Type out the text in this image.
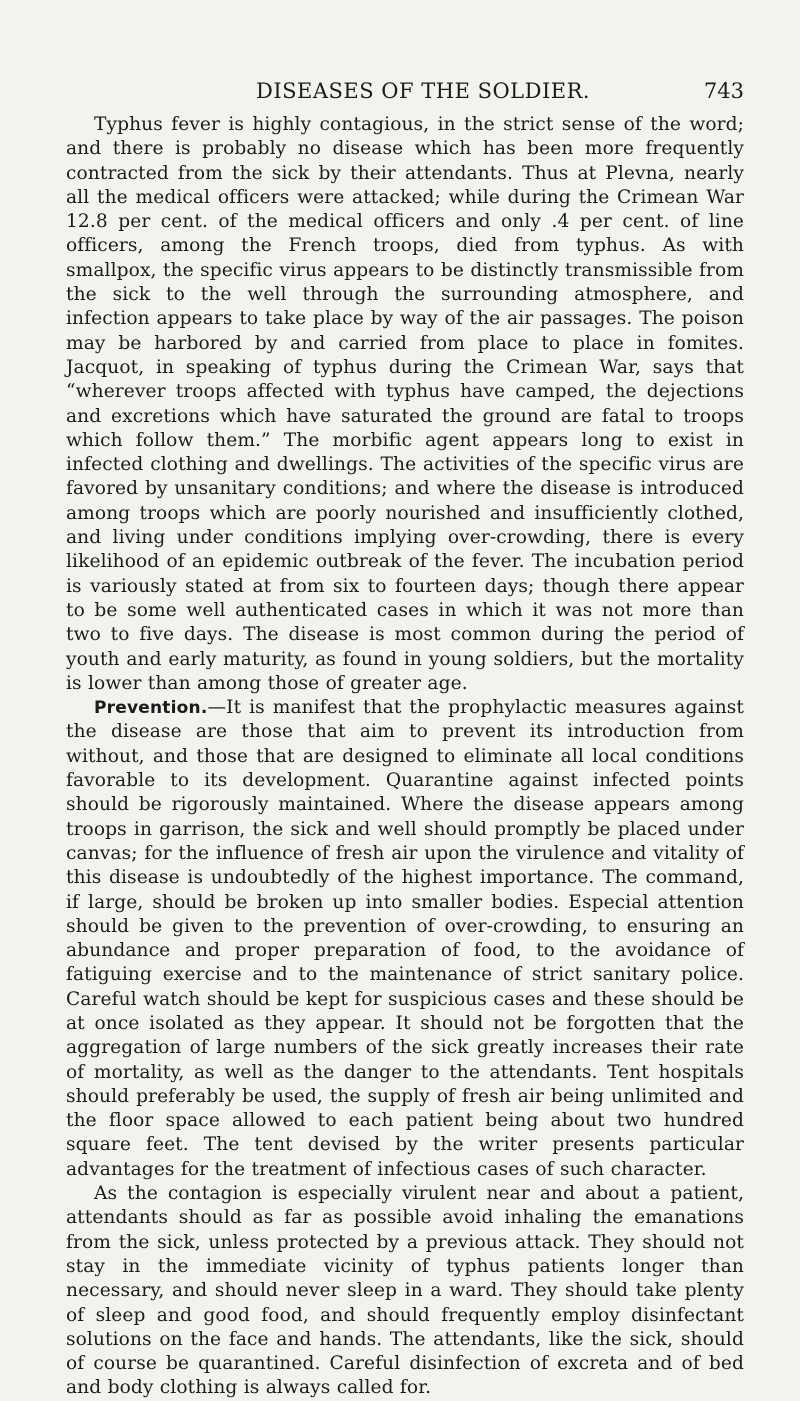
DISEASES OF THE SOLDIER.	743

Typhus fever is highly contagious, in the strict sense of the word; and there is probably no disease which has been more frequently contracted from the sick by their attendants. Thus at Plevna, nearly all the medical officers were attacked; while during the Crimean War 12.8 per cent. of the medical officers and only .4 per cent. of line officers, among the French troops, died from typhus. As with smallpox, the specific virus appears to be distinctly transmissible from the sick to the well through the surrounding atmosphere, and infection appears to take place by way of the air passages. The poison may be harbored by and carried from place to place in fomites. Jacquot, in speaking of typhus during the Crimean War, says that “wherever troops affected with typhus have camped, the dejections and excretions which have saturated the ground are fatal to troops which follow them.” The morbific agent appears long to exist in infected clothing and dwellings. The activities of the specific virus are favored by unsanitary conditions; and where the disease is introduced among troops which are poorly nourished and insufficiently clothed, and living under conditions implying over-crowding, there is every likelihood of an epidemic outbreak of the fever. The incubation period is variously stated at from six to fourteen days; though there appear to be some well authenticated cases in which it was not more than two to five days. The disease is most common during the period of youth and early maturity, as found in young soldiers, but the mortality is lower than among those of greater age.

Prevention.—It is manifest that the prophylactic measures against the disease are those that aim to prevent its introduction from without, and those that are designed to eliminate all local conditions favorable to its development. Quarantine against infected points should be rigorously maintained. Where the disease appears among troops in garrison, the sick and well should promptly be placed under canvas; for the influence of fresh air upon the virulence and vitality of this disease is undoubtedly of the highest importance. The command, if large, should be broken up into smaller bodies. Especial attention should be given to the prevention of over-crowding, to ensuring an abundance and proper preparation of food, to the avoidance of fatiguing exercise and to the maintenance of strict sanitary police. Careful watch should be kept for suspicious cases and these should be at once isolated as they appear. It should not be forgotten that the aggregation of large numbers of the sick greatly increases their rate of mortality, as well as the danger to the attendants. Tent hospitals should preferably be used, the supply of fresh air being unlimited and the floor space allowed to each patient being about two hundred square feet. The tent devised by the writer presents particular advantages for the treatment of infectious cases of such character.

As the contagion is especially virulent near and about a patient, attendants should as far as possible avoid inhaling the emanations from the sick, unless protected by a previous attack. They should not stay in the immediate vicinity of typhus patients longer than necessary, and should never sleep in a ward. They should take plenty of sleep and good food, and should frequently employ disinfectant solutions on the face and hands. The attendants, like the sick, should of course be quarantined. Careful disinfection of excreta and of bed and body clothing is always called for.
